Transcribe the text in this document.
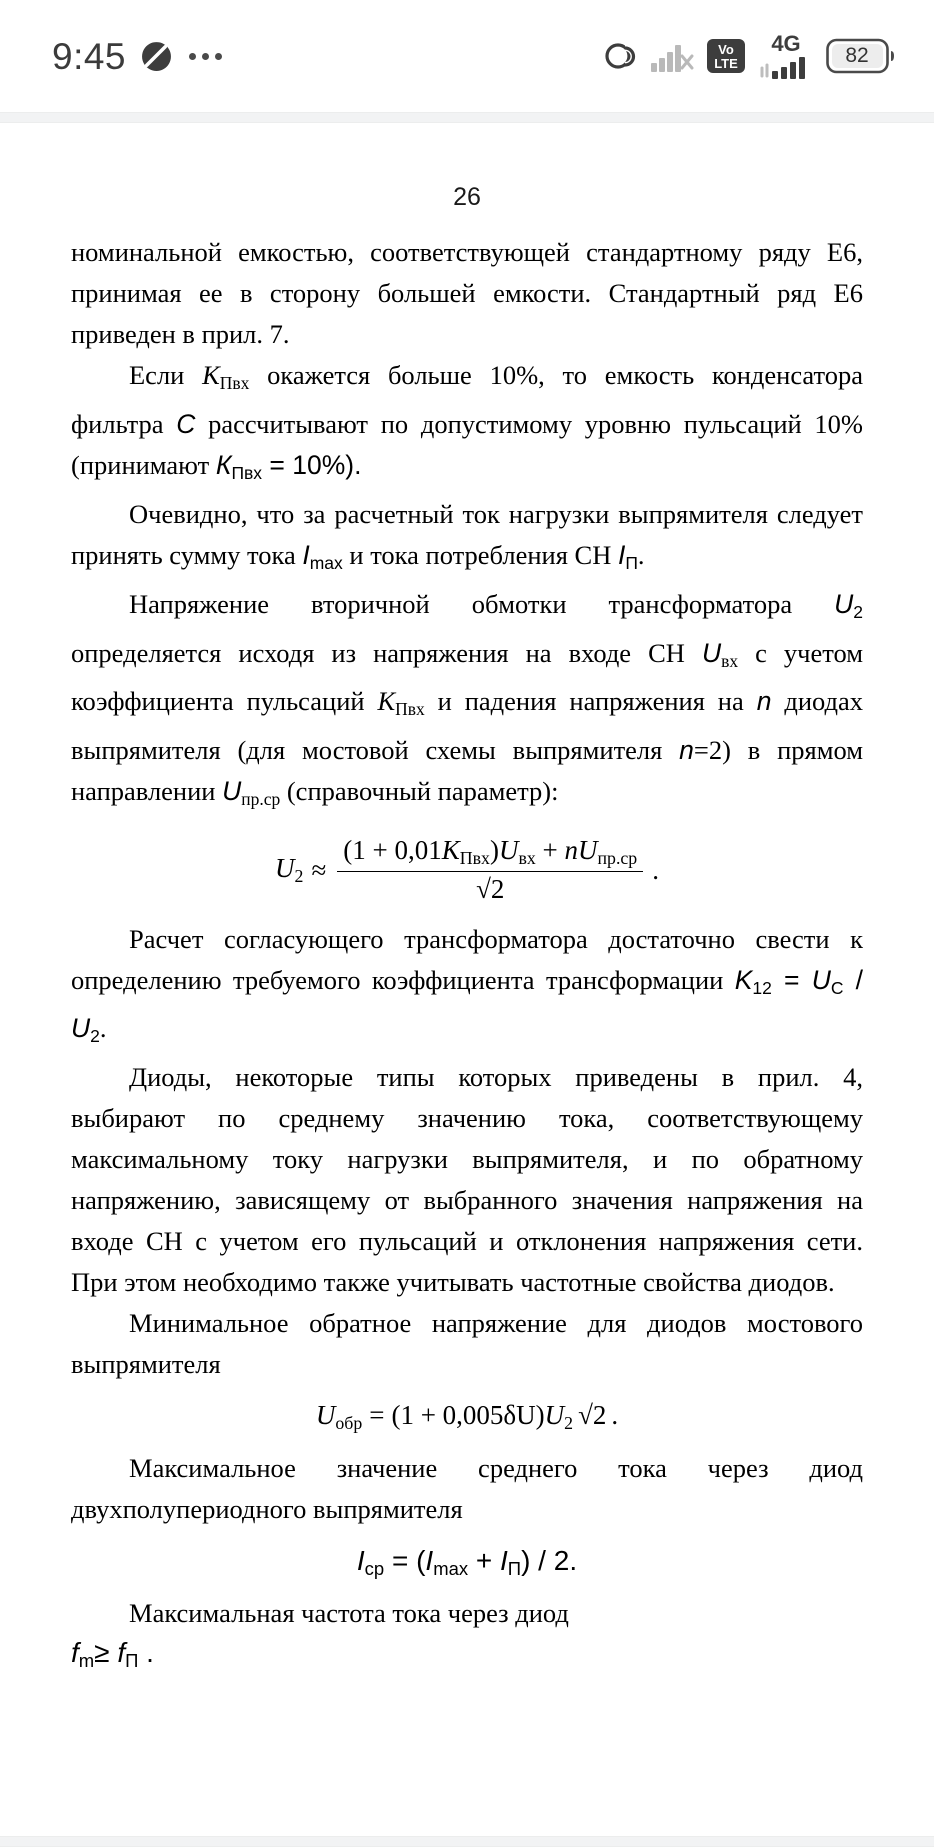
9:45	Vo
LTE
4G	82
26

номинальной емкостью, соответствующей стандартному ряду Е6, принимая ее в сторону большей емкости. Стандартный ряд Е6 приведен в прил. 7.

Если $К_{Пвх}$ окажется больше 10%, то емкость конденсатора фильтра C рассчитывают по допустимому уровню пульсаций 10% (принимают $К_{Пвх} = 10\%$).

Очевидно, что за расчетный ток нагрузки выпрямителя следует принять сумму тока $I_{max}$ и тока потребления СН $I_П$.

Напряжение вторичной обмотки трансформатора $U_2$ определяется исходя из напряжения на входе СН $U_{вх}$ с учетом коэффициента пульсаций $К_{Пвх}$ и падения напряжения на n диодах выпрямителя (для мостовой схемы выпрямителя n=2) в прямом направлении $U_{пр.ср}$ (справочный параметр):

$U_2 \approx \frac{(1 + 0,01K_{Пвх})U_{вх} + nU_{пр.ср}}{√2}$ .

Расчет согласующего трансформатора достаточно свести к определению требуемого коэффициента трансформации $K_{12} = U_C / U_2$.

Диоды, некоторые типы которых приведены в прил. 4, выбирают по среднему значению тока, соответствующему максимальному току нагрузки выпрямителя, и по обратному напряжению, зависящему от выбранного значения напряжения на входе СН с учетом его пульсаций и отклонения напряжения сети. При этом необходимо также учитывать частотные свойства диодов.

Минимальное обратное напряжение для диодов мостового выпрямителя

$U_{обр} = (1 + 0,005\delta U)U_2$ √2 .

Максимальное значение среднего тока через диод двухполупериодного выпрямителя

$I_{ср} = (I_{max} + I_П) / 2$.

Максимальная частота тока через диод

$f_m\ge f_П$ .
